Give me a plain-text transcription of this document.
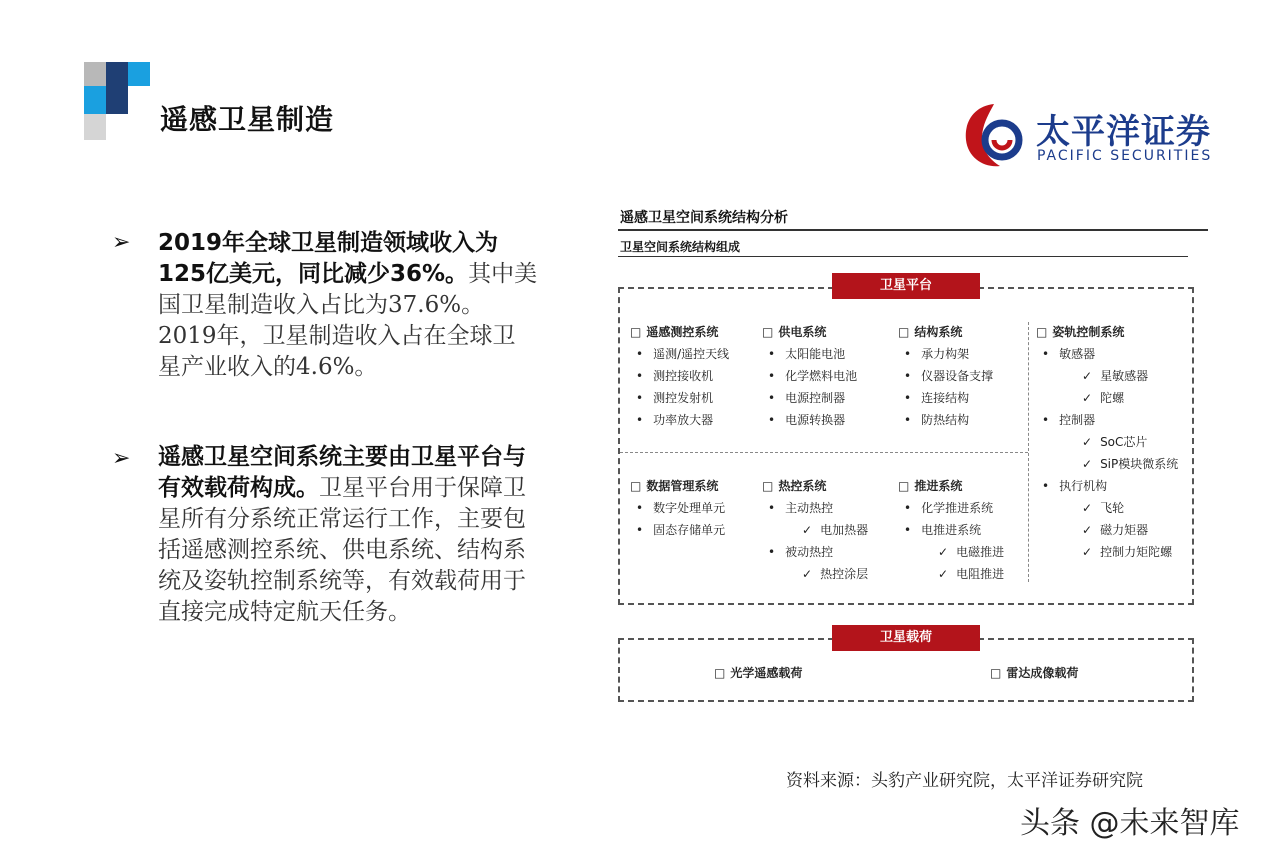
遥感卫星制造	太平洋证券
PACIFIC SECURITIES
➢ 2019年全球卫星制造领域收入为125亿美元，同比减少36%。其中美国卫星制造收入占比为37.6%。2019年，卫星制造收入占在全球卫星产业收入的4.6%。
➢ 遥感卫星空间系统主要由卫星平台与有效载荷构成。卫星平台用于保障卫星所有分系统正常运行工作，主要包括遥感测控系统、供电系统、结构系统及姿轨控制系统等，有效载荷用于直接完成特定航天任务。
遥感卫星空间系统结构分析
卫星空间系统结构组成
卫星平台
□ 遥感测控系统
• 遥测/遥控天线
• 测控接收机
• 测控发射机
• 功率放大器
□ 供电系统
• 太阳能电池
• 化学燃料电池
• 电源控制器
• 电源转换器
□ 结构系统
• 承力构架
• 仪器设备支撑
• 连接结构
• 防热结构
□ 姿轨控制系统
• 敏感器
✓ 星敏感器
✓ 陀螺
• 控制器
✓ SoC芯片
✓ SiP模块微系统
• 执行机构
✓ 飞轮
✓ 磁力矩器
✓ 控制力矩陀螺
□ 数据管理系统
• 数字处理单元
• 固态存储单元
□ 热控系统
• 主动热控
✓ 电加热器
• 被动热控
✓ 热控涂层
□ 推进系统
• 化学推进系统
• 电推进系统
✓ 电磁推进
✓ 电阻推进
卫星载荷
□ 光学遥感载荷
□	雷达成像载荷
资料来源：头豹产业研究院，太平洋证券研究院
头条 @未来智库
